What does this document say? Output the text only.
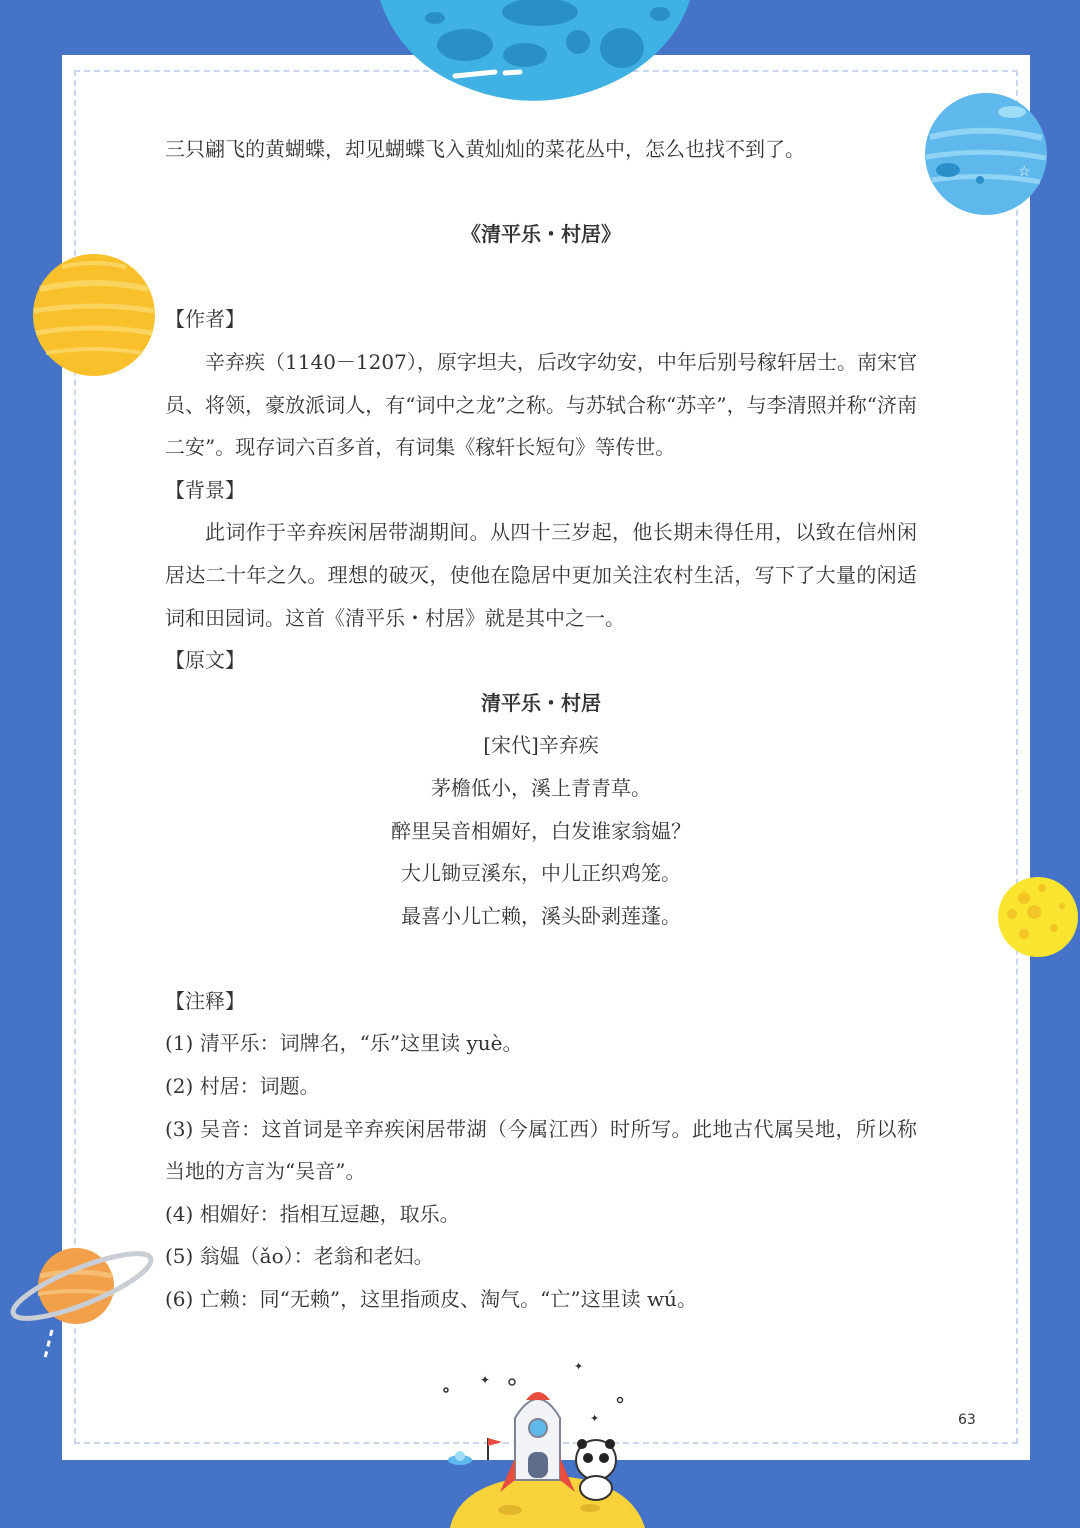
☆
✦
✦
✦

三只翩飞的黄蝴蝶，却见蝴蝶飞入黄灿灿的菜花丛中，怎么也找不到了。

《清平乐・村居》

【作者】

辛弃疾（1140－1207），原字坦夫，后改字幼安，中年后别号稼轩居士。南宋官员、将领，豪放派词人，有“词中之龙”之称。与苏轼合称“苏辛”，与李清照并称“济南二安”。现存词六百多首，有词集《稼轩长短句》等传世。

【背景】

此词作于辛弃疾闲居带湖期间。从四十三岁起，他长期未得任用，以致在信州闲居达二十年之久。理想的破灭，使他在隐居中更加关注农村生活，写下了大量的闲适词和田园词。这首《清平乐・村居》就是其中之一。

【原文】

清平乐・村居

[宋代]辛弃疾

茅檐低小，溪上青青草。

醉里吴音相媚好，白发谁家翁媪？

大儿锄豆溪东，中儿正织鸡笼。

最喜小儿亡赖，溪头卧剥莲蓬。

【注释】

(1) 清平乐：词牌名，“乐”这里读 yuè。

(2) 村居：词题。

(3) 吴音：这首词是辛弃疾闲居带湖（今属江西）时所写。此地古代属吴地，所以称当地的方言为“吴音”。

(4) 相媚好：指相互逗趣，取乐。

(5) 翁媪（ǎo）：老翁和老妇。

(6) 亡赖：同“无赖”，这里指顽皮、淘气。“亡”这里读 wú。

63
